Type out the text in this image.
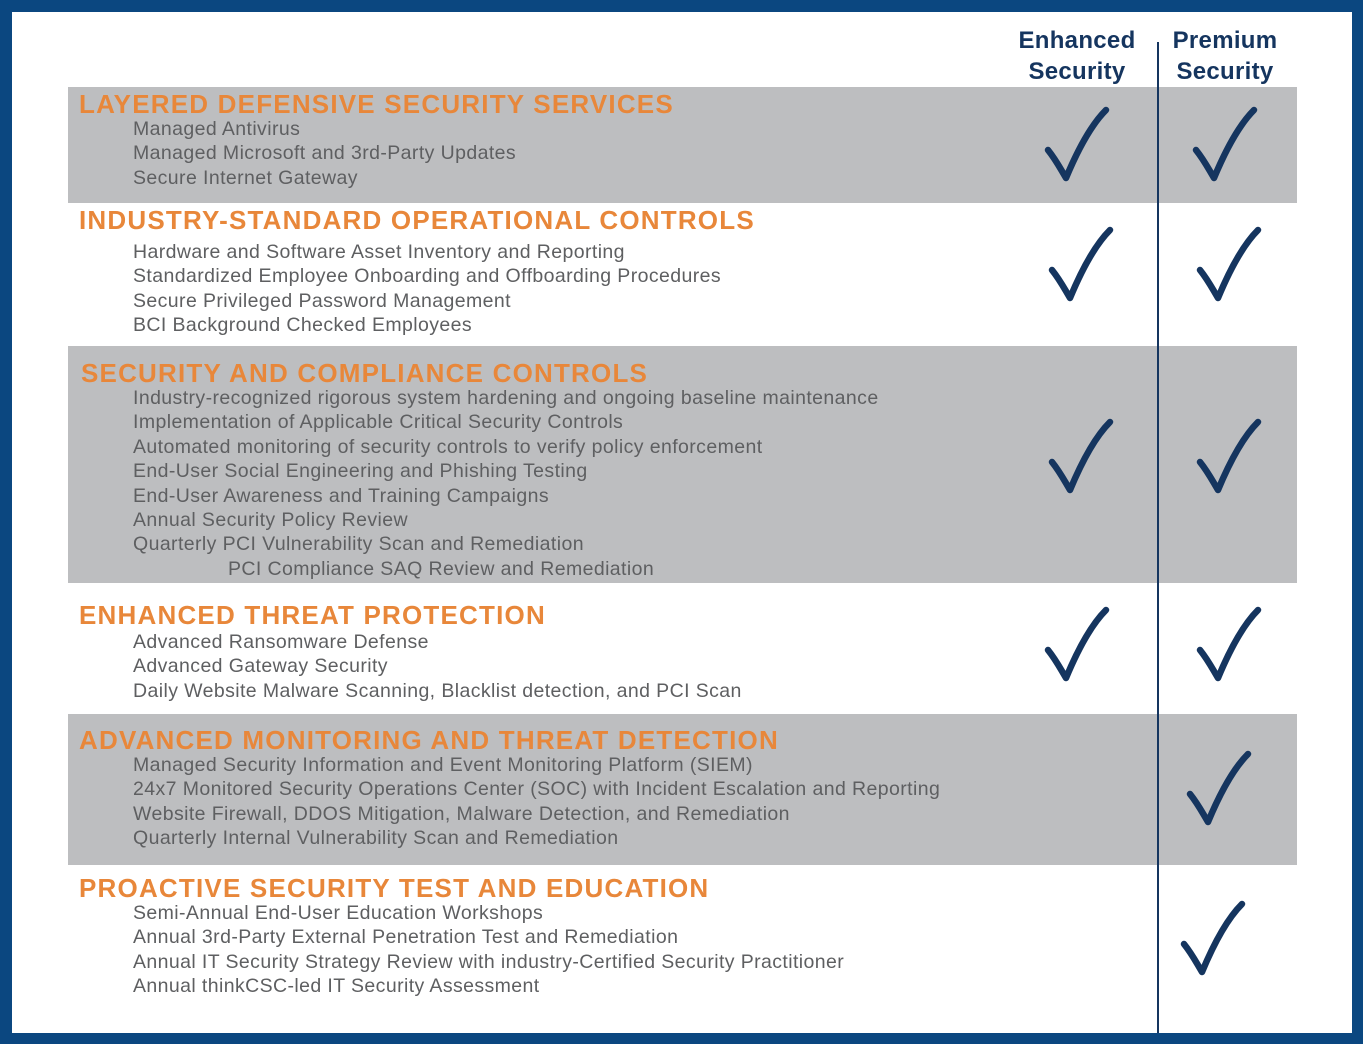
Enhanced
Security
Premium
Security
LAYERED DEFENSIVE SECURITY SERVICES
Managed Antivirus
Managed Microsoft and 3rd-Party Updates
Secure Internet Gateway
INDUSTRY-STANDARD OPERATIONAL CONTROLS
Hardware and Software Asset Inventory and Reporting
Standardized Employee Onboarding and Offboarding Procedures
Secure Privileged Password Management
BCI Background Checked Employees
SECURITY AND COMPLIANCE CONTROLS
Industry-recognized rigorous system hardening and ongoing baseline maintenance
Implementation of Applicable Critical Security Controls
Automated monitoring of security controls to verify policy enforcement
End-User Social Engineering and Phishing Testing
End-User Awareness and Training Campaigns
Annual Security Policy Review
Quarterly PCI Vulnerability Scan and Remediation
PCI Compliance SAQ Review and Remediation
ENHANCED THREAT PROTECTION
Advanced Ransomware Defense
Advanced Gateway Security
Daily Website Malware Scanning, Blacklist detection, and PCI Scan
ADVANCED MONITORING AND THREAT DETECTION
Managed Security Information and Event Monitoring Platform (SIEM)
24x7 Monitored Security Operations Center (SOC) with Incident Escalation and Reporting
Website Firewall, DDOS Mitigation, Malware Detection, and Remediation
Quarterly Internal Vulnerability Scan and Remediation
PROACTIVE SECURITY TEST AND EDUCATION
Semi-Annual End-User Education Workshops
Annual 3rd-Party External Penetration Test and Remediation
Annual IT Security Strategy Review with industry-Certified Security Practitioner
Annual thinkCSC-led IT Security Assessment
